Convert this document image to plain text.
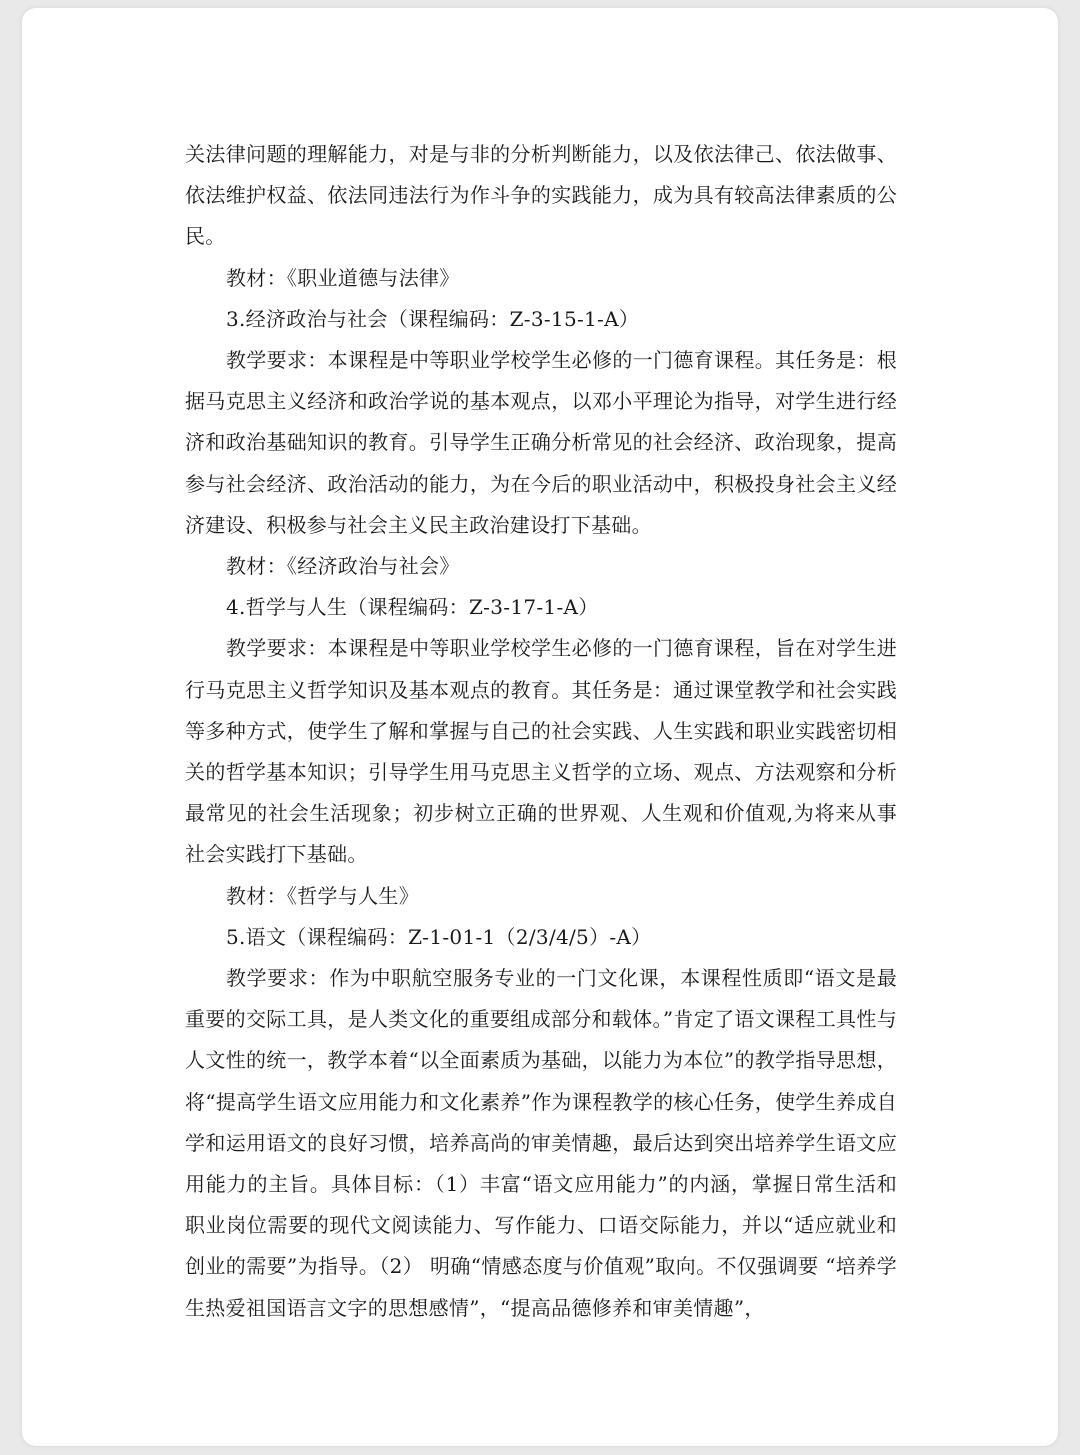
关法律问题的理解能力，对是与非的分析判断能力，以及依法律己、依法做事、依法维护权益、依法同违法行为作斗争的实践能力，成为具有较高法律素质的公民。

教材：《职业道德与法律》

3.经济政治与社会（课程编码：Z-3-15-1-A）

教学要求：本课程是中等职业学校学生必修的一门德育课程。其任务是：根据马克思主义经济和政治学说的基本观点，以邓小平理论为指导，对学生进行经济和政治基础知识的教育。引导学生正确分析常见的社会经济、政治现象，提高参与社会经济、政治活动的能力，为在今后的职业活动中，积极投身社会主义经济建设、积极参与社会主义民主政治建设打下基础。

教材：《经济政治与社会》

4.哲学与人生（课程编码：Z-3-17-1-A）

教学要求：本课程是中等职业学校学生必修的一门德育课程，旨在对学生进行马克思主义哲学知识及基本观点的教育。其任务是：通过课堂教学和社会实践等多种方式，使学生了解和掌握与自己的社会实践、人生实践和职业实践密切相关的哲学基本知识；引导学生用马克思主义哲学的立场、观点、方法观察和分析最常见的社会生活现象；初步树立正确的世界观、人生观和价值观,为将来从事社会实践打下基础。

教材：《哲学与人生》

5.语文（课程编码：Z-1-01-1（2/3/4/5）-A）

教学要求：作为中职航空服务专业的一门文化课，本课程性质即“语文是最重要的交际工具，是人类文化的重要组成部分和载体。”肯定了语文课程工具性与人文性的统一，教学本着“以全面素质为基础，以能力为本位”的教学指导思想，将“提高学生语文应用能力和文化素养”作为课程教学的核心任务，使学生养成自学和运用语文的良好习惯，培养高尚的审美情趣，最后达到突出培养学生语文应用能力的主旨。具体目标：（1）丰富“语文应用能力”的内涵，掌握日常生活和职业岗位需要的现代文阅读能力、写作能力、口语交际能力，并以“适应就业和创业的需要”为指导。（2） 明确“情感态度与价值观”取向。不仅强调要 “培养学生热爱祖国语言文字的思想感情”，“提高品德修养和审美情趣”，
